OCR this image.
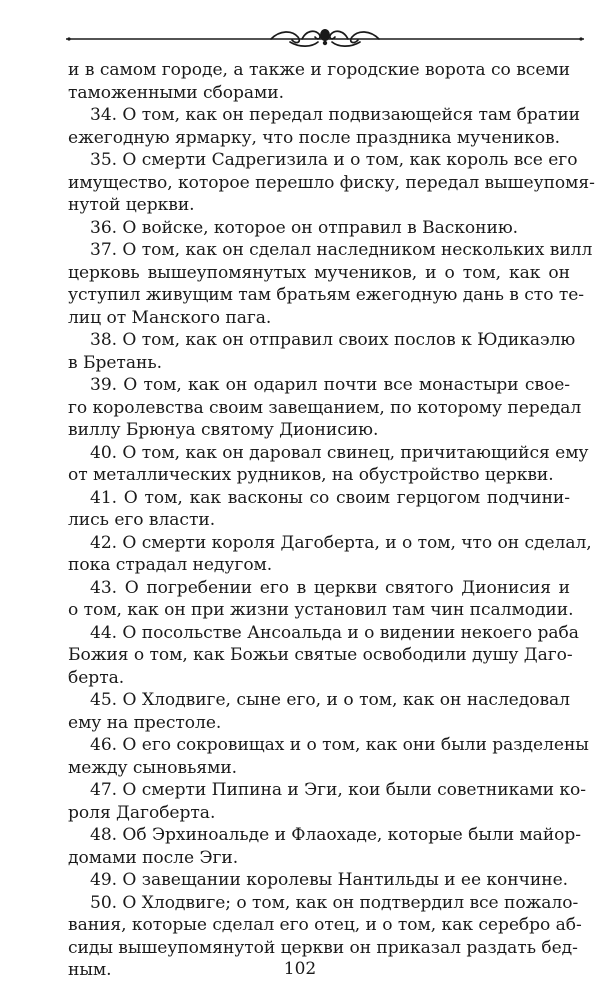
и в самом городе, а также и городские ворота со всеми
таможенными сборами.
34. О том, как он передал подвизающейся там братии
ежегодную ярмарку, что после праздника мучеников.
35. О смерти Садрегизила и о том, как король все его
имущество, которое перешло фиску, передал вышеупомя-
нутой церкви.
36. О войске, которое он отправил в Васконию.
37. О том, как он сделал наследником нескольких вилл
церковь вышеупомянутых мучеников, и о том, как он
уступил живущим там братьям ежегодную дань в сто те-
лиц от Манского пага.
38. О том, как он отправил своих послов к Юдикаэлю
в Бретань.
39. О том, как он одарил почти все монастыри свое-
го королевства своим завещанием, по которому передал
виллу Брюнуа святому Дионисию.
40. О том, как он даровал свинец, причитающийся ему
от металлических рудников, на обустройство церкви.
41. О том, как васконы со своим герцогом подчини-
лись его власти.
42. О смерти короля Дагоберта, и о том, что он сделал,
пока страдал недугом.
43. О погребении его в церкви святого Дионисия и
о том, как он при жизни установил там чин псалмодии.
44. О посольстве Ансоальда и о видении некоего раба
Божия о том, как Божьи святые освободили душу Даго-
берта.
45. О Хлодвиге, сыне его, и о том, как он наследовал
ему на престоле.
46. О его сокровищах и о том, как они были разделены
между сыновьями.
47. О смерти Пипина и Эги, кои были советниками ко-
роля Дагоберта.
48. Об Эрхиноальде и Флаохаде, которые были майор-
домами после Эги.
49. О завещании королевы Нантильды и ее кончине.
50. О Хлодвиге; о том, как он подтвердил все пожало-
вания, которые сделал его отец, и о том, как серебро аб-
сиды вышеупомянутой церкви он приказал раздать бед-
ным.	102
